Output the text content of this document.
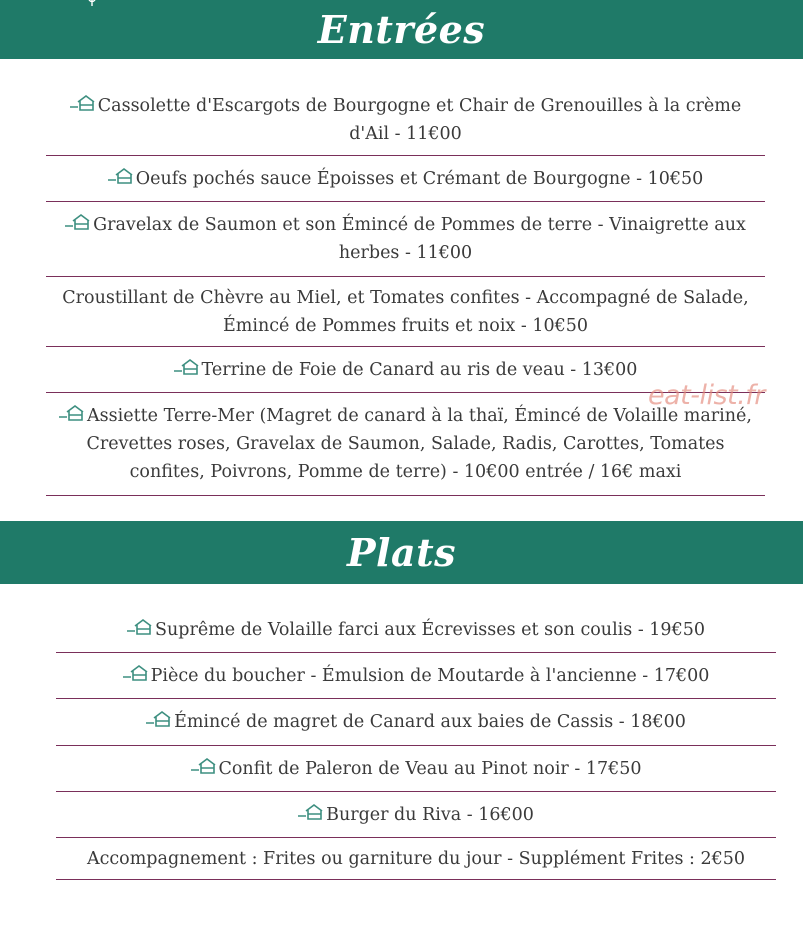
Entrées
Cassolette d'Escargots de Bourgogne et Chair de Grenouilles à la crème d'Ail - 11€00
Oeufs pochés sauce Époisses et Crémant de Bourgogne - 10€50
Gravelax de Saumon et son Émincé de Pommes de terre - Vinaigrette aux herbes - 11€00
Croustillant de Chèvre au Miel, et Tomates confites - Accompagné de Salade, Émincé de Pommes fruits et noix - 10€50
Terrine de Foie de Canard au ris de veau - 13€00
Assiette Terre-Mer (Magret de canard à la thaï, Émincé de Volaille mariné, Crevettes roses, Gravelax de Saumon, Salade, Radis, Carottes, Tomates confites, Poivrons, Pomme de terre) - 10€00 entrée / 16€ maxi
eat-list.fr
Plats
Suprême de Volaille farci aux Écrevisses et son coulis - 19€50
Pièce du boucher - Émulsion de Moutarde à l'ancienne - 17€00
Émincé de magret de Canard aux baies de Cassis - 18€00
Confit de Paleron de Veau au Pinot noir - 17€50
Burger du Riva - 16€00
Accompagnement : Frites ou garniture du jour - Supplément Frites : 2€50
